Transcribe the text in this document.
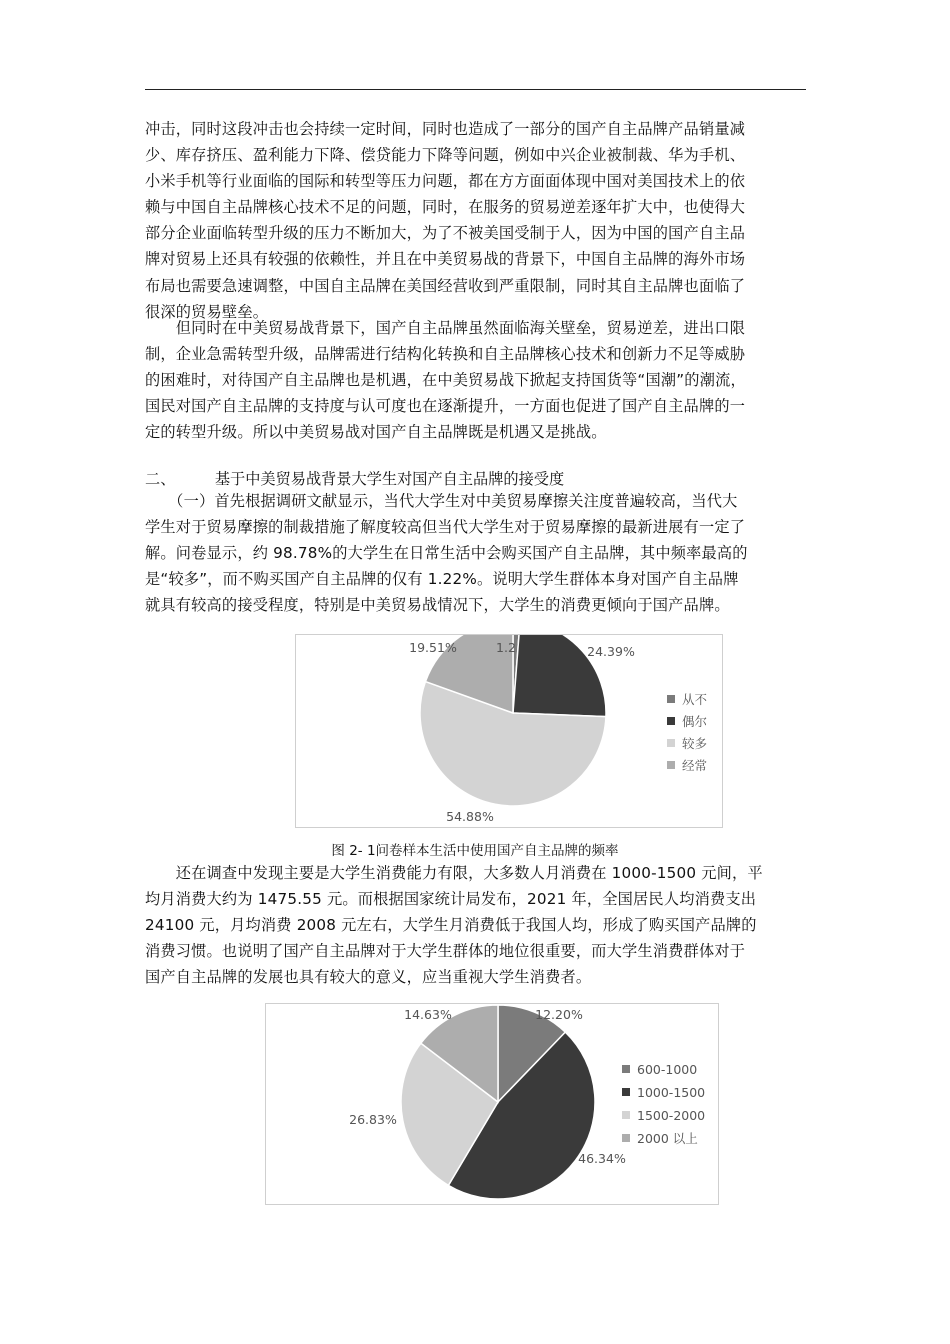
冲击，同时这段冲击也会持续一定时间，同时也造成了一部分的国产自主品牌产品销量减
少、库存挤压、盈利能力下降、偿贷能力下降等问题，例如中兴企业被制裁、华为手机、
小米手机等行业面临的国际和转型等压力问题，都在方方面面体现中国对美国技术上的依
赖与中国自主品牌核心技术不足的问题，同时，在服务的贸易逆差逐年扩大中，也使得大
部分企业面临转型升级的压力不断加大，为了不被美国受制于人，因为中国的国产自主品
牌对贸易上还具有较强的依赖性，并且在中美贸易战的背景下，中国自主品牌的海外市场
布局也需要急速调整，中国自主品牌在美国经营收到严重限制，同时其自主品牌也面临了
很深的贸易壁垒。
　　但同时在中美贸易战背景下，国产自主品牌虽然面临海关壁垒，贸易逆差，进出口限
制，企业急需转型升级，品牌需进行结构化转换和自主品牌核心技术和创新力不足等威胁
的困难时，对待国产自主品牌也是机遇，在中美贸易战下掀起支持国货等“国潮”的潮流，
国民对国产自主品牌的支持度与认可度也在逐渐提升，一方面也促进了国产自主品牌的一
定的转型升级。所以中美贸易战对国产自主品牌既是机遇又是挑战。
二、	基于中美贸易战背景大学生对国产自主品牌的接受度
　　（一）首先根据调研文献显示，当代大学生对中美贸易摩擦关注度普遍较高，当代大
学生对于贸易摩擦的制裁措施了解度较高但当代大学生对于贸易摩擦的最新进展有一定了
解。问卷显示，约 98.78%的大学生在日常生活中会购买国产自主品牌，其中频率最高的
是“较多”，而不购买国产自主品牌的仅有 1.22%。说明大学生群体本身对国产自主品牌
就具有较高的接受程度，特别是中美贸易战情况下，大学生的消费更倾向于国产品牌。
1.2	24.39%
54.88%
19.51%
从不
偶尔
较多
经常
图 2- 1问卷样本生活中使用国产自主品牌的频率
　　还在调查中发现主要是大学生消费能力有限，大多数人月消费在 1000-1500 元间，平
均月消费大约为 1475.55 元。而根据国家统计局发布，2021 年，全国居民人均消费支出
24100 元，月均消费 2008 元左右，大学生月消费低于我国人均，形成了购买国产品牌的
消费习惯。也说明了国产自主品牌对于大学生群体的地位很重要，而大学生消费群体对于
国产自主品牌的发展也具有较大的意义，应当重视大学生消费者。
12.20%
46.34%
26.83%
14.63%
600-1000
1000-1500
1500-2000
2000 以上
